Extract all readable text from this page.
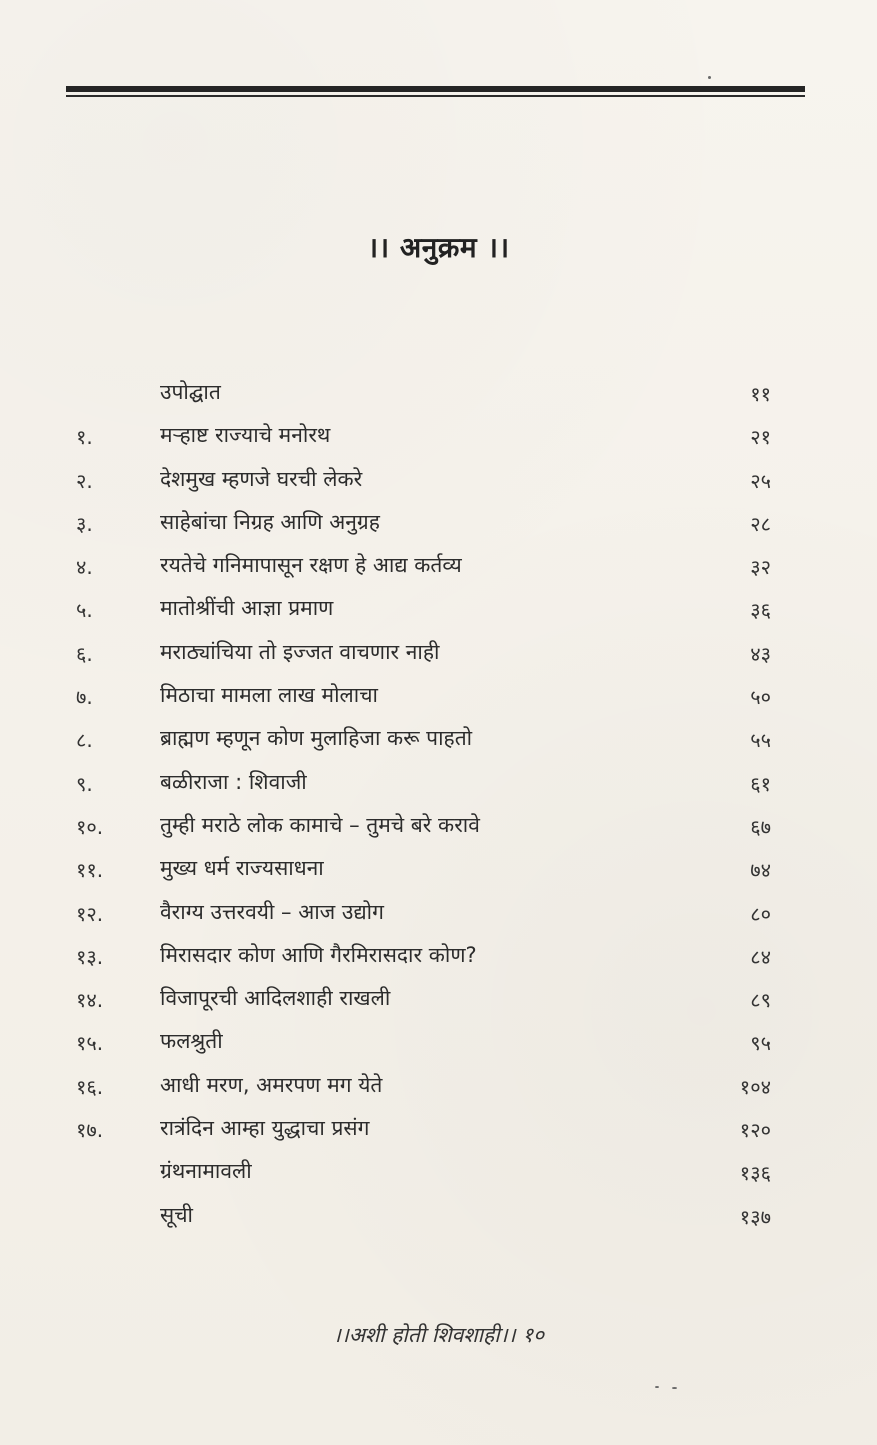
।। अनुक्रम ।।
उपोद्घात	११
१.	मऱ्हाष्ट राज्याचे मनोरथ	२१
२.	देशमुख म्हणजे घरची लेकरे	२५
३.	साहेबांचा निग्रह आणि अनुग्रह	२८
४.	रयतेचे गनिमापासून रक्षण हे आद्य कर्तव्य	३२
५.	मातोश्रींची आज्ञा प्रमाण	३६
६.	मराठ्यांचिया तो इज्जत वाचणार नाही	४३
७.	मिठाचा मामला लाख मोलाचा	५०
८.	ब्राह्मण म्हणून कोण मुलाहिजा करू पाहतो	५५
९.	बळीराजा : शिवाजी	६१
१०.	तुम्ही मराठे लोक कामाचे – तुमचे बरे करावे	६७
११.	मुख्य धर्म राज्यसाधना	७४
१२.	वैराग्य उत्तरवयी – आज उद्योग	८०
१३.	मिरासदार कोण आणि गैरमिरासदार कोण?	८४
१४.	विजापूरची आदिलशाही राखली	८९
१५.	फलश्रुती	९५
१६.	आधी मरण, अमरपण मग येते	१०४
१७.	रात्रंदिन आम्हा युद्धाचा प्रसंग	१२०
ग्रंथनामावली	१३६
सूची	१३७
।।अशी होती शिवशाही।। १०
